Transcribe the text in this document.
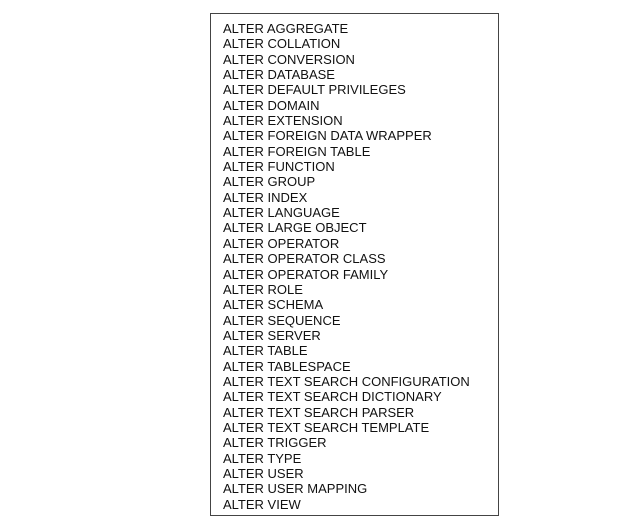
ALTER AGGREGATE
ALTER COLLATION
ALTER CONVERSION
ALTER DATABASE
ALTER DEFAULT PRIVILEGES
ALTER DOMAIN
ALTER EXTENSION
ALTER FOREIGN DATA WRAPPER
ALTER FOREIGN TABLE
ALTER FUNCTION
ALTER GROUP
ALTER INDEX
ALTER LANGUAGE
ALTER LARGE OBJECT
ALTER OPERATOR
ALTER OPERATOR CLASS
ALTER OPERATOR FAMILY
ALTER ROLE
ALTER SCHEMA
ALTER SEQUENCE
ALTER SERVER
ALTER TABLE
ALTER TABLESPACE
ALTER TEXT SEARCH CONFIGURATION
ALTER TEXT SEARCH DICTIONARY
ALTER TEXT SEARCH PARSER
ALTER TEXT SEARCH TEMPLATE
ALTER TRIGGER
ALTER TYPE
ALTER USER
ALTER USER MAPPING
ALTER VIEW
